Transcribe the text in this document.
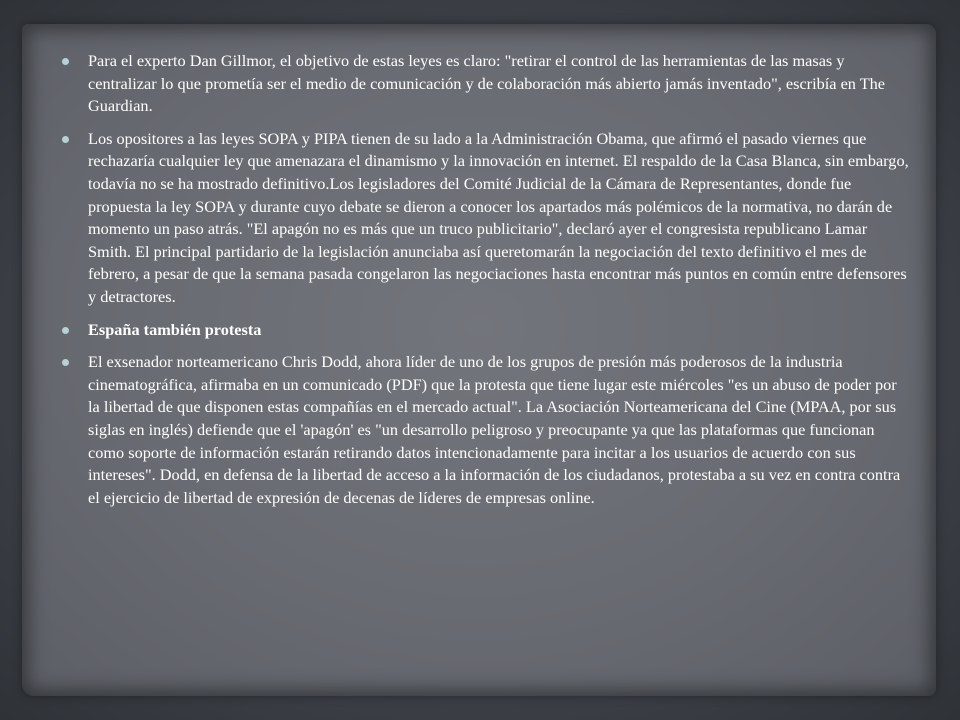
Para el experto Dan Gillmor, el objetivo de estas leyes es claro: "retirar el control de las herramientas de las masas y centralizar lo que prometía ser el medio de comunicación y de colaboración más abierto jamás inventado", escribía en The Guardian.
Los opositores a las leyes SOPA y PIPA tienen de su lado a la Administración Obama, que afirmó el pasado viernes que rechazaría cualquier ley que amenazara el dinamismo y la innovación en internet. El respaldo de la Casa Blanca, sin embargo, todavía no se ha mostrado definitivo.Los legisladores del Comité Judicial de la Cámara de Representantes, donde fue propuesta la ley SOPA y durante cuyo debate se dieron a conocer los apartados más polémicos de la normativa, no darán de momento un paso atrás. "El apagón no es más que un truco publicitario", declaró ayer el congresista republicano Lamar Smith. El principal partidario de la legislación anunciaba así queretomarán la negociación del texto definitivo el mes de febrero, a pesar de que la semana pasada congelaron las negociaciones hasta encontrar más puntos en común entre defensores y detractores.
España también protesta
El exsenador norteamericano Chris Dodd, ahora líder de uno de los grupos de presión más poderosos de la industria cinematográfica, afirmaba en un comunicado (PDF) que la protesta que tiene lugar este miércoles "es un abuso de poder por la libertad de que disponen estas compañías en el mercado actual". La Asociación Norteamericana del Cine (MPAA, por sus siglas en inglés) defiende que el 'apagón' es "un desarrollo peligroso y preocupante ya que las plataformas que funcionan como soporte de información estarán retirando datos intencionadamente para incitar a los usuarios de acuerdo con sus intereses". Dodd, en defensa de la libertad de acceso a la información de los ciudadanos, protestaba a su vez en contra contra el ejercicio de libertad de expresión de decenas de líderes de empresas online.
